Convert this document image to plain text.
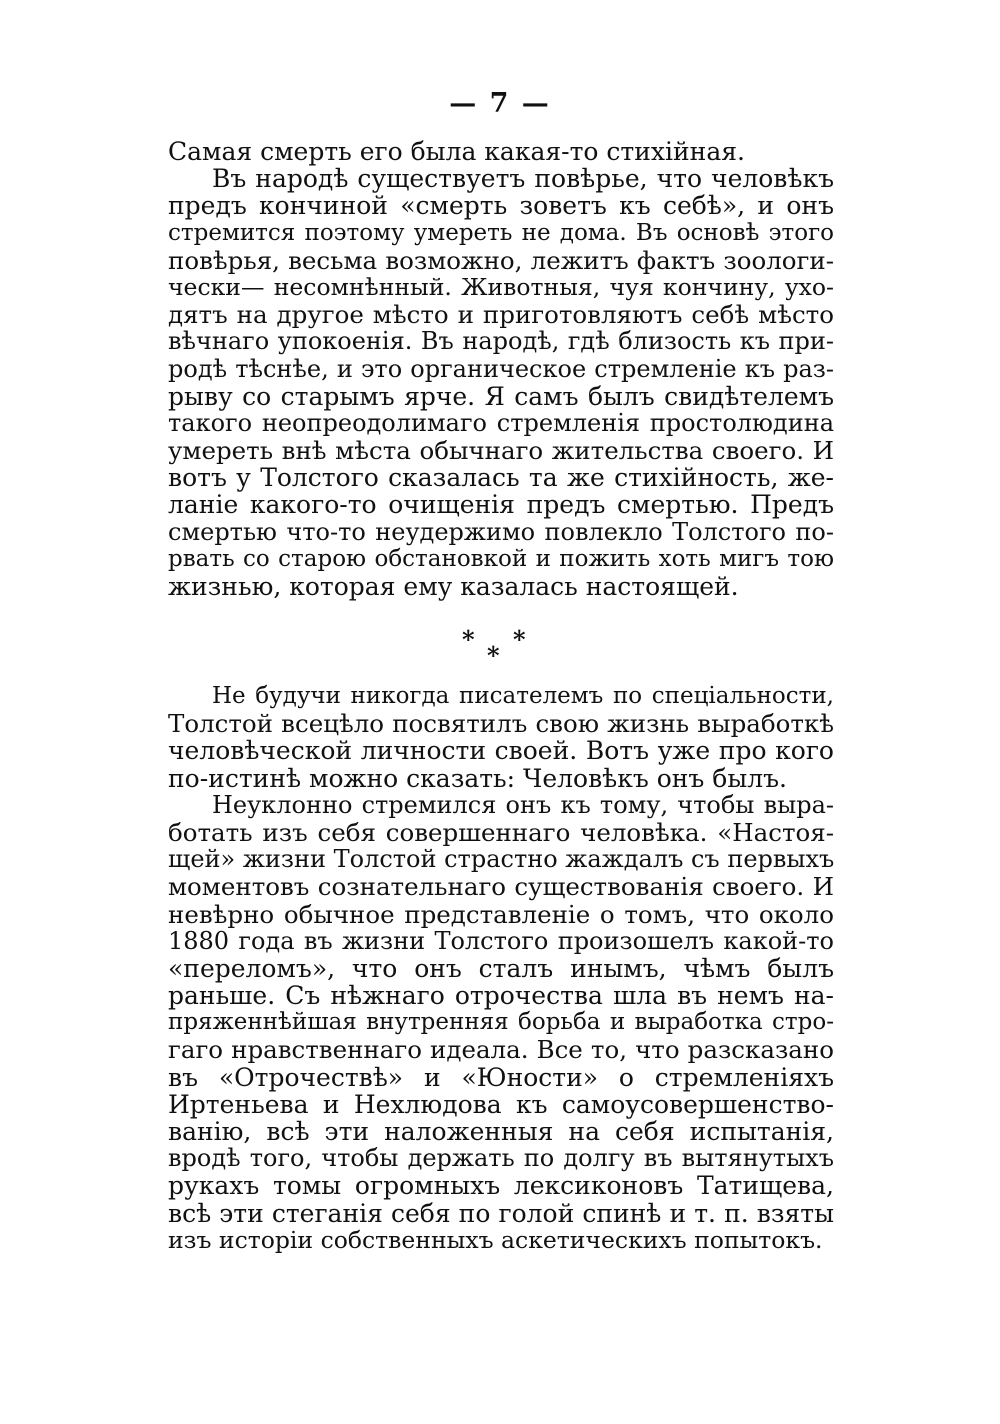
— 7 —
Самая смерть его была какая-то стихійная.
Въ народѣ существуетъ повѣрье, что человѣкъ
предъ кончиной «смерть зоветъ къ себѣ», и онъ
стремится поэтому умереть не дома. Въ основѣ этого
повѣрья, весьма возможно, лежитъ фактъ зоологи-
чески— несомнѣнный. Животныя, чуя кончину, ухо-
дятъ на другое мѣсто и приготовляютъ себѣ мѣсто
вѣчнаго упокоенія. Въ народѣ, гдѣ близость къ при-
родѣ тѣснѣе, и это органическое стремленіе къ раз-
рыву со старымъ ярче. Я самъ былъ свидѣтелемъ
такого неопреодолимаго стремленія простолюдина
умереть внѣ мѣста обычнаго жительства своего. И
вотъ у Толстого сказалась та же стихійность, же-
ланіе какого-то очищенія предъ смертью. Предъ
смертью что-то неудержимо повлекло Толстого по-
рвать со старою обстановкой и пожить хоть мигъ тою
жизнью, которая ему казалась настоящей.
* *
*
Не будучи никогда писателемъ по спеціальности,
Толстой всецѣло посвятилъ свою жизнь выработкѣ
человѣческой личности своей. Вотъ уже про кого
по-истинѣ можно сказать: Человѣкъ онъ былъ.
Неуклонно стремился онъ къ тому, чтобы выра-
ботать изъ себя совершеннаго человѣка. «Настоя-
щей» жизни Толстой страстно жаждалъ съ первыхъ
моментовъ сознательнаго существованія своего. И
невѣрно обычное представленіе о томъ, что около
1880 года въ жизни Толстого произошелъ какой-то
«переломъ», что онъ сталъ инымъ, чѣмъ былъ
раньше. Съ нѣжнаго отрочества шла въ немъ на-
пряженнѣйшая внутренняя борьба и выработка стро-
гаго нравственнаго идеала. Все то, что разсказано
въ «Отрочествѣ» и «Юности» о стремленіяхъ
Иртеньева и Нехлюдова къ самоусовершенство-
ванію, всѣ эти наложенныя на себя испытанія,
вродѣ того, чтобы держать по долгу въ вытянутыхъ
рукахъ томы огромныхъ лексиконовъ Татищева,
всѣ эти стеганія себя по голой спинѣ и т. п. взяты
изъ исторіи собственныхъ аскетическихъ попытокъ.
